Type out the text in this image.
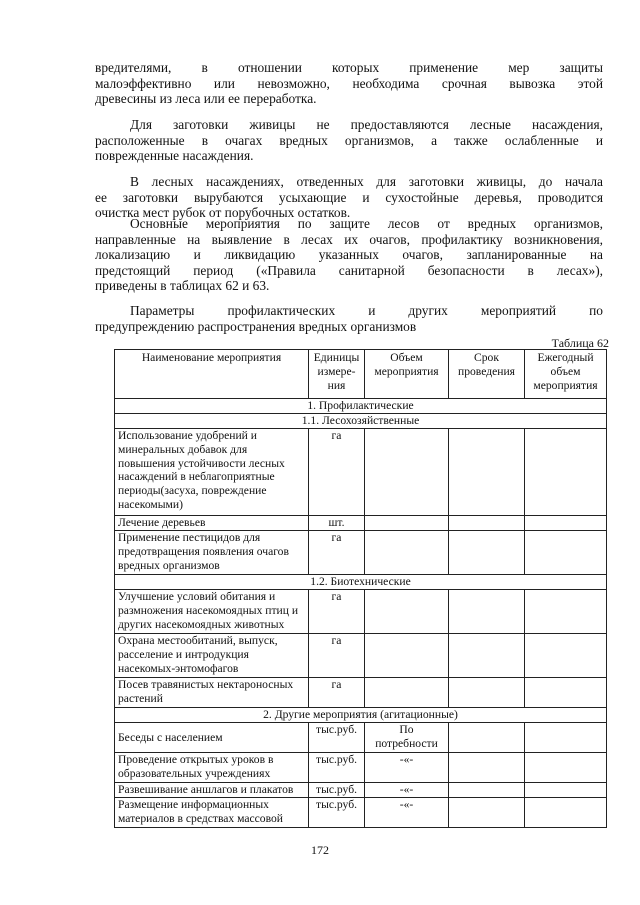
вредителями, в отношении которых применение мер защиты
малоэффективно или невозможно, необходима срочная вывозка этой
древесины из леса или ее переработка.
Для заготовки живицы не предоставляются лесные насаждения,
расположенные в очагах вредных организмов, а также ослабленные и
поврежденные насаждения.
В лесных насаждениях, отведенных для заготовки живицы, до начала
ее заготовки вырубаются усыхающие и сухостойные деревья, проводится
очистка мест рубок от порубочных остатков.
Основные мероприятия по защите лесов от вредных организмов,
направленные на выявление в лесах их очагов, профилактику возникновения,
локализацию и ликвидацию указанных очагов, запланированные на
предстоящий период («Правила санитарной безопасности в лесах»),
приведены в таблицах 62 и 63.
Параметры профилактических и других мероприятий по
предупреждению распространения вредных организмов
Таблица 62
Наименование мероприятия	Единицы измере-ния	Объем мероприятия	Срок проведения	Ежегодный объем мероприятия
1. Профилактические				
1.1. Лесохозяйственные				
Использование удобрений и минеральных добавок для повышения устойчивости лесных насаждений в неблагоприятные периоды(засуха, повреждение насекомыми)	га			
Лечение деревьев	шт.			
Применение пестицидов для предотвращения появления очагов вредных организмов	га			
1.2. Биотехнические				
Улучшение условий обитания и размножения насекомоядных птиц и других насекомоядных животных	га			
Охрана местообитаний, выпуск, расселение и интродукция насекомых-энтомофагов	га			
Посев травянистых нектароносных растений	га			
2. Другие мероприятия (агитационные)				
Беседы с населением	тыс.руб.	По потребности		
Проведение открытых уроков в образовательных учреждениях	тыс.руб.	-«-		
Развешивание аншлагов и плакатов	тыс.руб.	-«-		
Размещение информационных материалов в средствах массовой	тыс.руб.	-«-		
172
